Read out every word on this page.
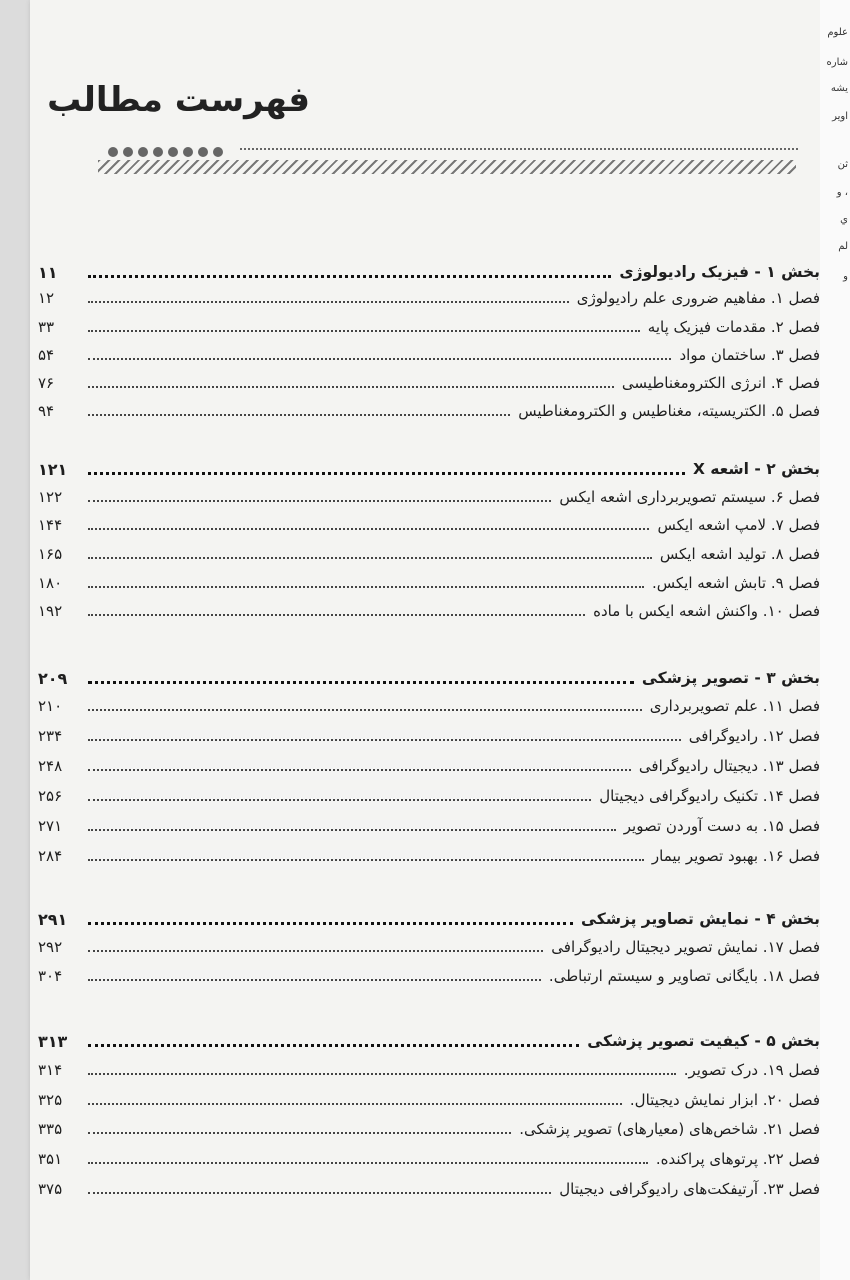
فهرست مطالب
بخش ۱ - فیزیک رادیولوژی
۱۱
فصل ۱. مفاهیم ضروری علم رادیولوژی
۱۲
فصل ۲. مقدمات فیزیک پایه
۳۳
فصل ۳. ساختمان مواد
۵۴
فصل ۴. انرژی الکترومغناطیسی
۷۶
فصل ۵. الکتریسیته، مغناطیس و الکترومغناطیس
۹۴
بخش ۲ - اشعه X
۱۲۱
فصل ۶. سیستم تصویربرداری اشعه ایکس
۱۲۲
فصل ۷. لامپ اشعه ایکس
۱۴۴
فصل ۸. تولید اشعه ایکس
۱۶۵
فصل ۹. تابش اشعه ایکس.
۱۸۰
فصل ۱۰. واکنش اشعه ایکس با ماده
۱۹۲
بخش ۳ - تصویر پزشکی
۲۰۹
فصل ۱۱. علم تصویربرداری
۲۱۰
فصل ۱۲. رادیوگرافی
۲۳۴
فصل ۱۳. دیجیتال رادیوگرافی
۲۴۸
فصل ۱۴. تکنیک رادیوگرافی دیجیتال
۲۵۶
فصل ۱۵. به دست آوردن تصویر
۲۷۱
فصل ۱۶. بهبود تصویر بیمار
۲۸۴
بخش ۴ - نمایش تصاویر پزشکی
۲۹۱
فصل ۱۷. نمایش تصویر دیجیتال رادیوگرافی
۲۹۲
فصل ۱۸. بایگانی تصاویر و سیستم ارتباطی.
۳۰۴
بخش ۵ - کیفیت تصویر پزشکی
۳۱۳
فصل ۱۹. درک تصویر.
۳۱۴
فصل ۲۰. ابزار نمایش دیجیتال.
۳۲۵
فصل ۲۱. شاخص‌های (معیارهای) تصویر پزشکی.
۳۳۵
فصل ۲۲. پرتوهای پراکنده.
۳۵۱
فصل ۲۳. آرتیفکت‌های رادیوگرافی دیجیتال
۳۷۵
علوم
شاره
يشه
اوير
ثن
، و
ي
لم
و
